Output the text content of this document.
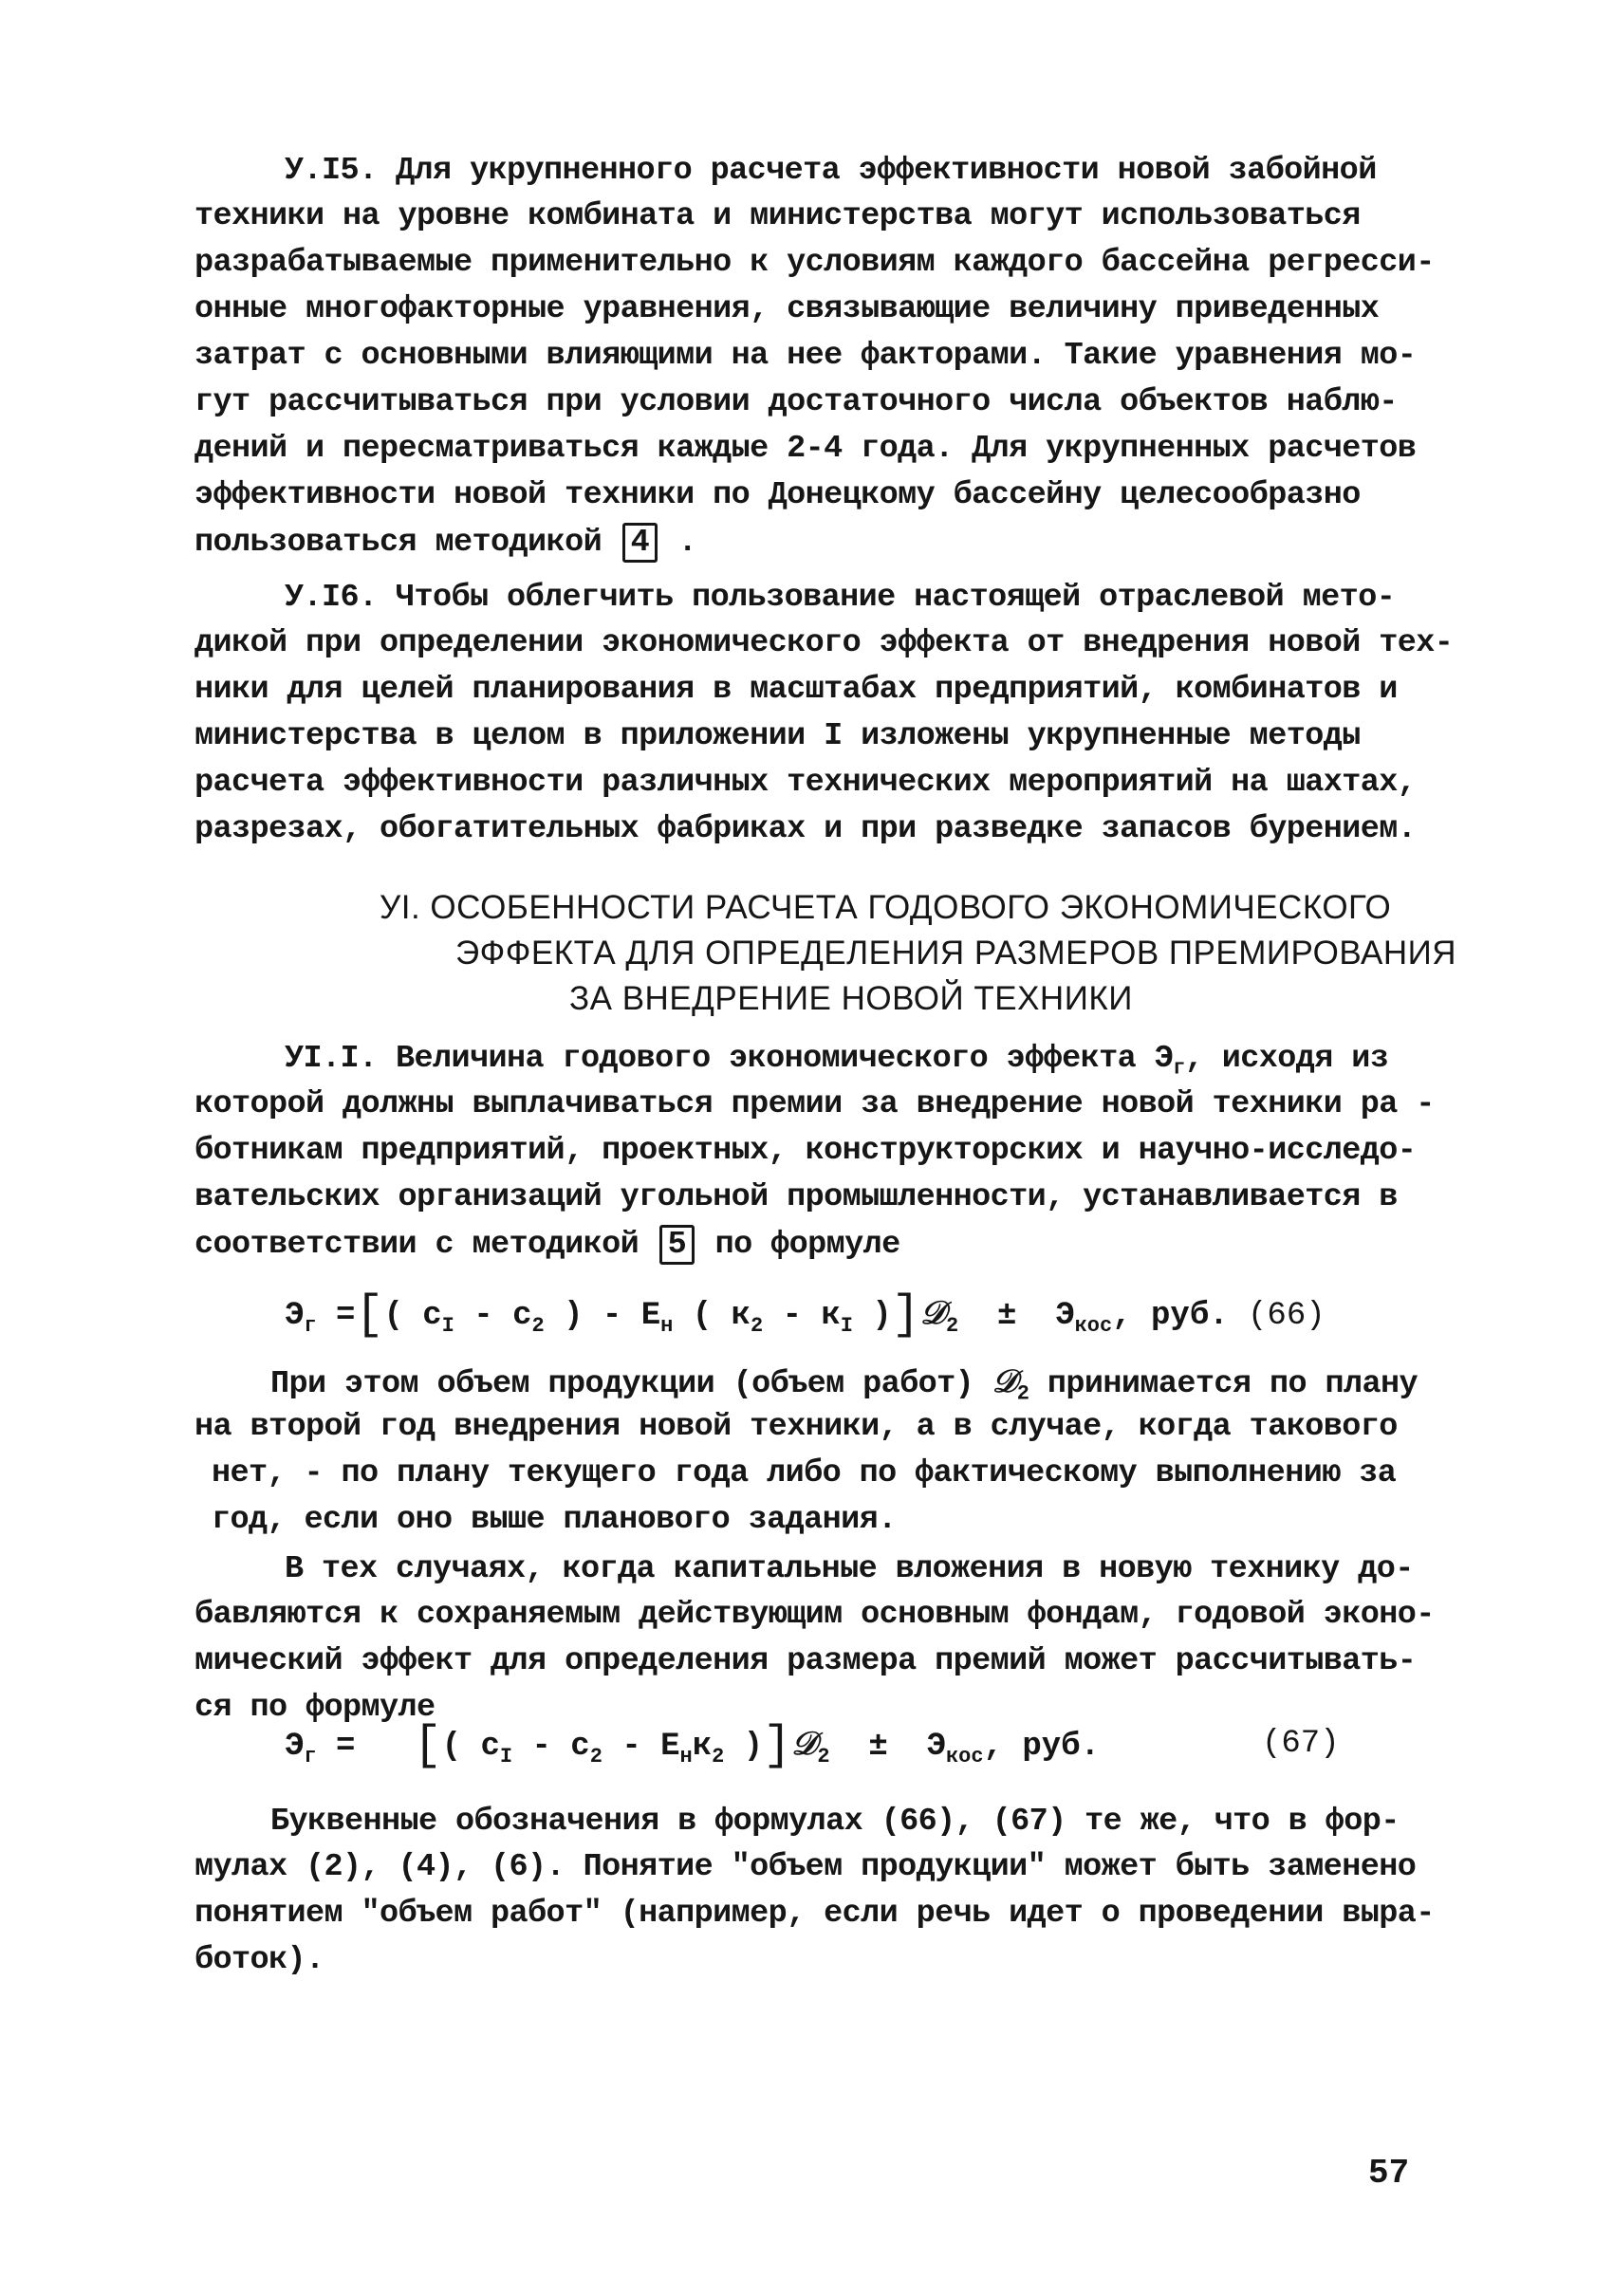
У.I5. Для укрупненного расчета эффективности новой забойной
техники на уровне комбината и министерства могут использоваться
разрабатываемые применительно к условиям каждого бассейна регресси-
онные многофакторные уравнения, связывающие величину приведенных
затрат с основными влияющими на нее факторами. Такие уравнения мо-
гут рассчитываться при условии достаточного числа объектов наблю-
дений и пересматриваться каждые 2-4 года. Для укрупненных расчетов
эффективности новой техники по Донецкому бассейну целесообразно
пользоваться методикой 4 .
У.I6. Чтобы облегчить пользование настоящей отраслевой мето-
дикой при определении экономического эффекта от внедрения новой тех-
ники для целей планирования в масштабах предприятий, комбинатов и
министерства в целом в приложении I изложены укрупненные методы
расчета эффективности различных технических мероприятий на шахтах,
разрезах, обогатительных фабриках и при разведке запасов бурением.
УI. ОСОБЕННОСТИ РАСЧЕТА ГОДОВОГО ЭКОНОМИЧЕСКОГО
ЭФФЕКТА ДЛЯ ОПРЕДЕЛЕНИЯ РАЗМЕРОВ ПРЕМИРОВАНИЯ
ЗА ВНЕДРЕНИЕ НОВОЙ ТЕХНИКИ
УI.I. Величина годового экономического эффекта $Э_г$, исходя из
которой должны выплачиваться премии за внедрение новой техники ра -
ботникам предприятий, проектных, конструкторских и научно-исследо-
вательских организаций угольной промышленности, устанавливается в
соответствии с методикой 5 по формуле
$Э_г$ =[( $с_I - с_2$ ) - $Е_н$ ( $к_2 - к_I$ )]𝒟$_2$ ± $Э_{кос}$, руб. (66)
При этом объем продукции (объем работ) 𝒟$_2$ принимается по плану
на второй год внедрения новой техники, а в случае, когда такового
нет, - по плану текущего года либо по фактическому выполнению за
год, если оно выше планового задания.
В тех случаях, когда капитальные вложения в новую технику до-
бавляются к сохраняемым действующим основным фондам, годовой эконо-
мический эффект для определения размера премий может рассчитывать-
ся по формуле
$Э_г$ = [( $с_I - с_2 - Е_нк_2$ )]𝒟$_2$ ± $Э_{кос}$, руб.	(67)
Буквенные обозначения в формулах (66), (67) те же, что в фор-
мулах (2), (4), (6). Понятие "объем продукции" может быть заменено
понятием "объем работ" (например, если речь идет о проведении выра-
боток).
57
